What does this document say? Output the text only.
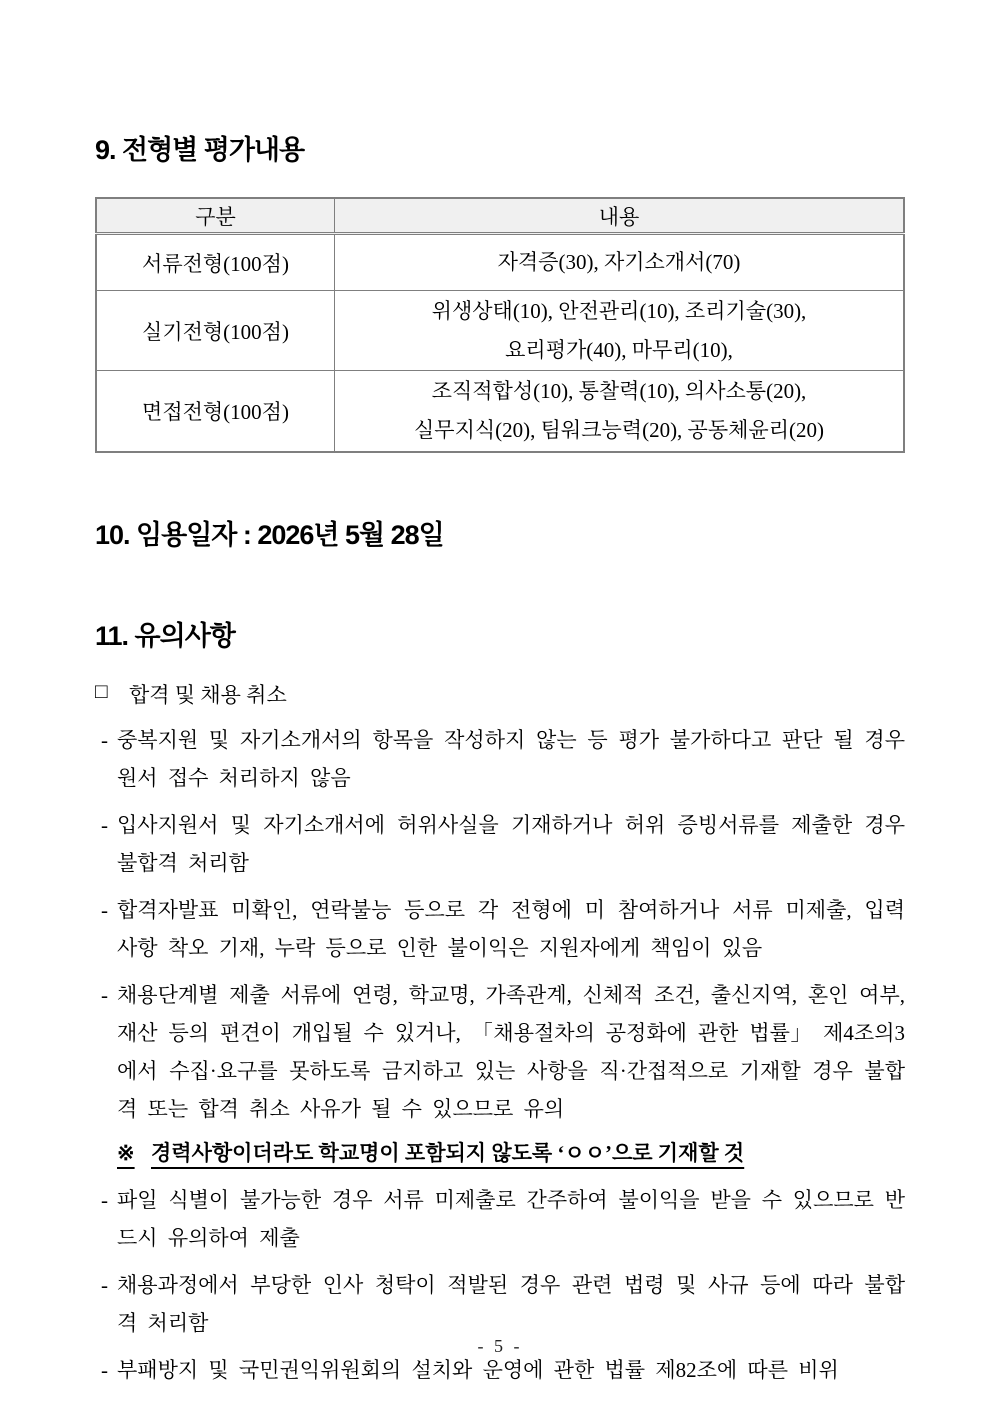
9. 전형별 평가내용
구분	내용
서류전형(100점)	자격증(30), 자기소개서(70)

실기전형(100점)	위생상태(10), 안전관리(10), 조리기술(30),
요리평가(40), 마무리(10),

면접전형(100점)	조직적합성(10), 통찰력(10), 의사소통(20),
실무지식(20), 팀워크능력(20), 공동체윤리(20)
10. 임용일자 : 2026년 5월 28일
11. 유의사항
□	합격 및 채용 취소
- 중복지원 및 자기소개서의 항목을 작성하지 않는 등 평가 불가하다고 판단 될 경우 원서 접수 처리하지 않음
- 입사지원서 및 자기소개서에 허위사실을 기재하거나 허위 증빙서류를 제출한 경우 불합격 처리함
- 합격자발표 미확인, 연락불능 등으로 각 전형에 미 참여하거나 서류 미제출, 입력 사항 착오 기재, 누락 등으로 인한 불이익은 지원자에게 책임이 있음
- 채용단계별 제출 서류에 연령, 학교명, 가족관계, 신체적 조건, 출신지역, 혼인 여부, 재산 등의 편견이 개입될 수 있거나, 「채용절차의 공정화에 관한 법률」 제4조의3에서 수집·요구를 못하도록 금지하고 있는 사항을 직·간접적으로 기재할 경우 불합격 또는 합격 취소 사유가 될 수 있으므로 유의
※ 경력사항이더라도 학교명이 포함되지 않도록 ‘ㅇㅇ’으로 기재할 것
- 파일 식별이 불가능한 경우 서류 미제출로 간주하여 불이익을 받을 수 있으므로 반드시 유의하여 제출
- 채용과정에서 부당한 인사 청탁이 적발된 경우 관련 법령 및 사규 등에 따라 불합격 처리함
- 부패방지 및 국민권익위원회의 설치와 운영에 관한 법률 제82조에 따른 비위
- 5 -
